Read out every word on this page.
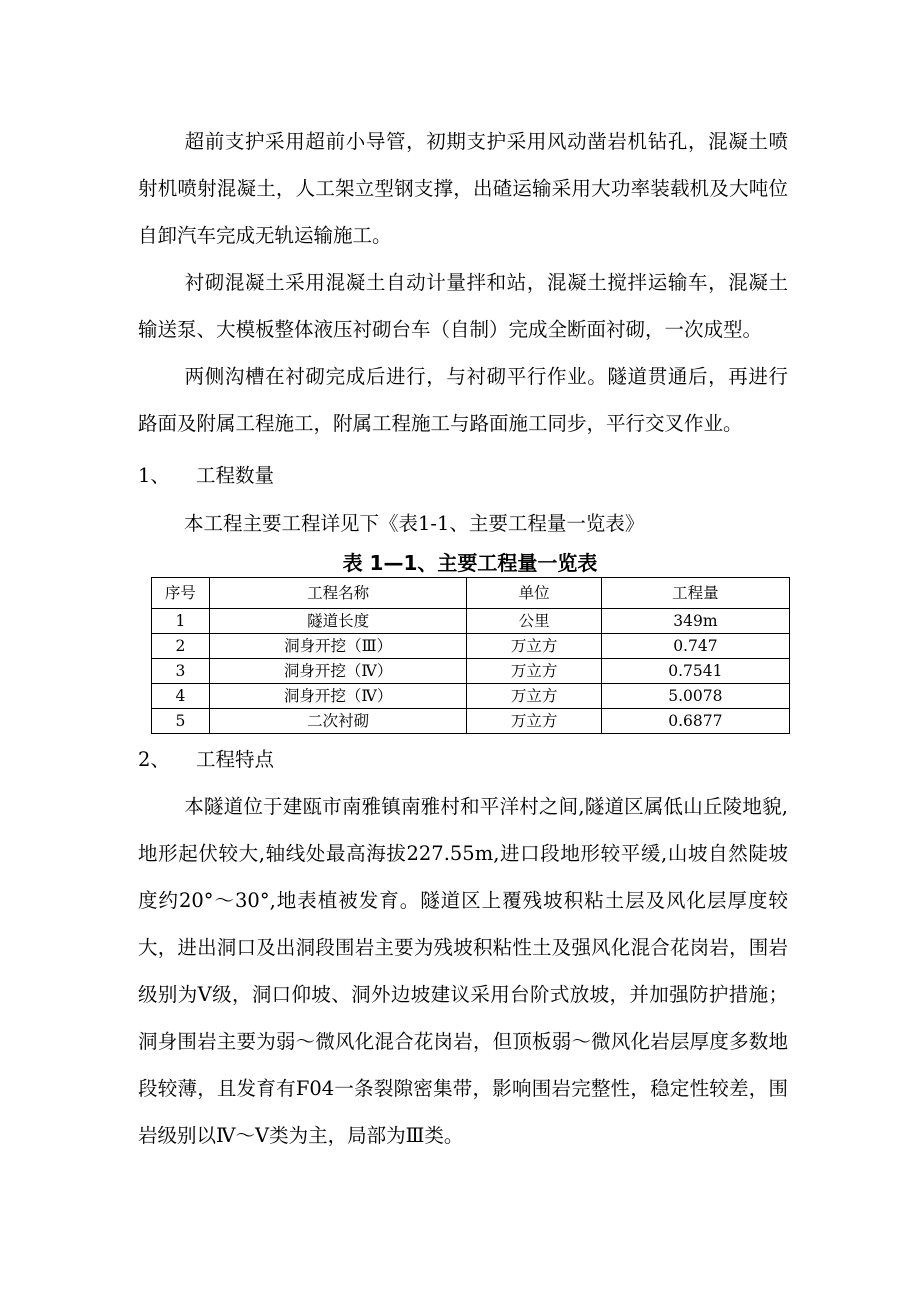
超前支护采用超前小导管，初期支护采用风动凿岩机钻孔，混凝土喷射机喷射混凝土，人工架立型钢支撑，出碴运输采用大功率装载机及大吨位自卸汽车完成无轨运输施工。

衬砌混凝土采用混凝土自动计量拌和站，混凝土搅拌运输车，混凝土输送泵、大模板整体液压衬砌台车（自制）完成全断面衬砌，一次成型。

两侧沟槽在衬砌完成后进行，与衬砌平行作业。隧道贯通后，再进行路面及附属工程施工，附属工程施工与路面施工同步，平行交叉作业。

1、 工程数量

本工程主要工程详见下《表1-1、主要工程量一览表》

表 1—1、主要工程量一览表

序号	工程名称	单位	工程量
1	隧道长度	公里	349m
2	洞身开挖（Ⅲ）	万立方	0.747
3	洞身开挖（Ⅳ）	万立方	0.7541
4	洞身开挖（Ⅳ）	万立方	5.0078
5	二次衬砌	万立方	0.6877

2、 工程特点

本隧道位于建瓯市南雅镇南雅村和平洋村之间,隧道区属低山丘陵地貌,地形起伏较大,轴线处最高海拔227.55m,进口段地形较平缓,山坡自然陡坡度约20°～30°,地表植被发育。隧道区上覆残坡积粘土层及风化层厚度较大，进出洞口及出洞段围岩主要为残坡积粘性土及强风化混合花岗岩，围岩级别为V级，洞口仰坡、洞外边坡建议采用台阶式放坡，并加强防护措施；洞身围岩主要为弱～微风化混合花岗岩，但顶板弱～微风化岩层厚度多数地段较薄，且发育有F04一条裂隙密集带，影响围岩完整性，稳定性较差，围岩级别以Ⅳ～Ⅴ类为主，局部为Ⅲ类。
